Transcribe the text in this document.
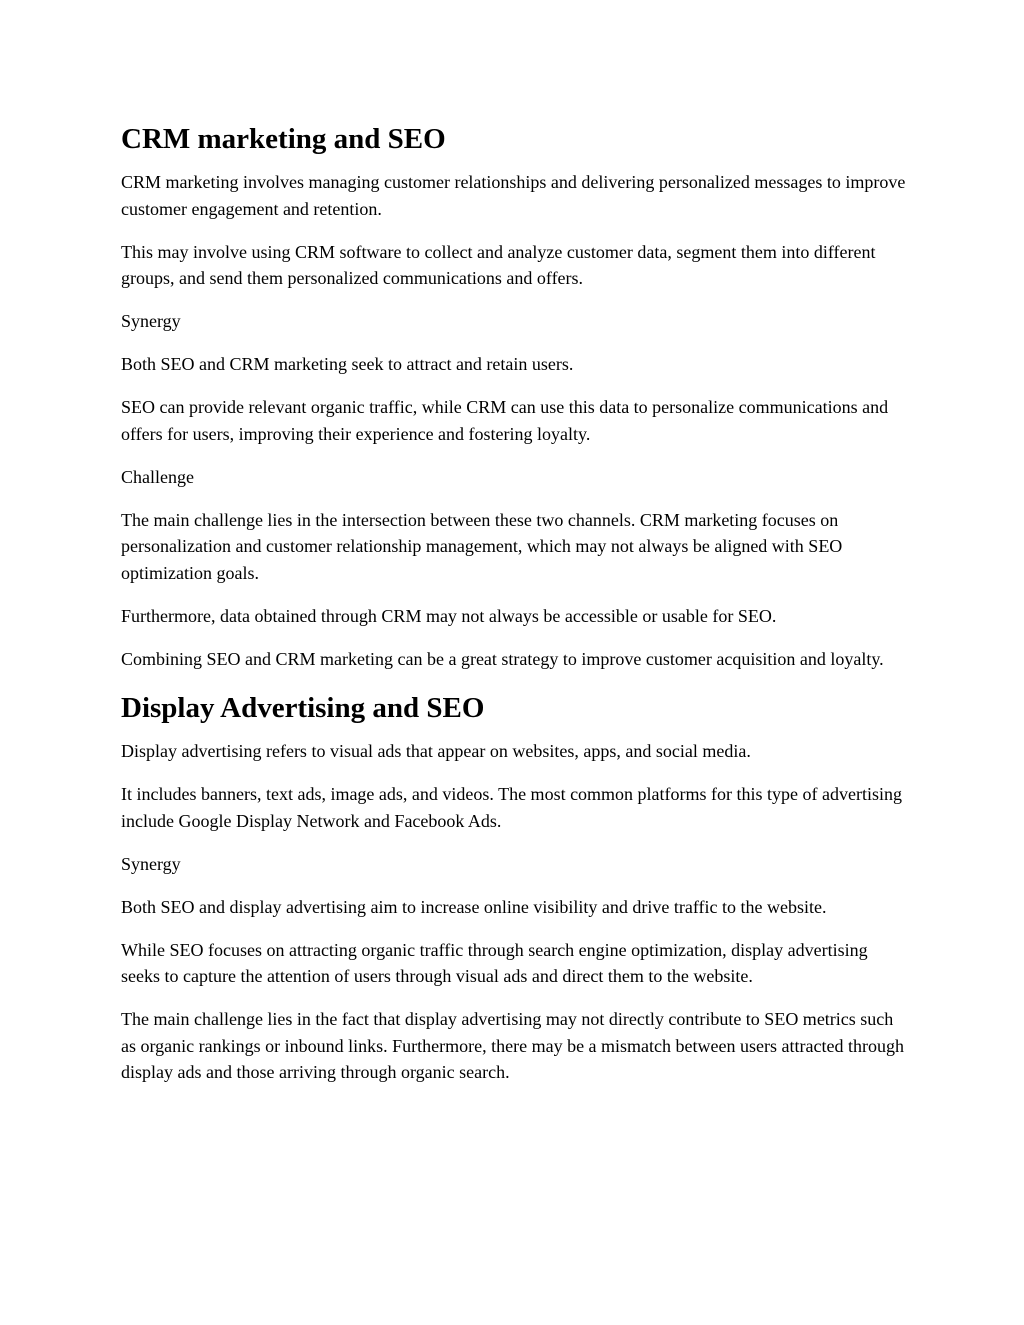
CRM marketing and SEO

CRM marketing involves managing customer relationships and delivering personalized messages to improve customer engagement and retention.

This may involve using CRM software to collect and analyze customer data, segment them into different groups, and send them personalized communications and offers.

Synergy

Both SEO and CRM marketing seek to attract and retain users.

SEO can provide relevant organic traffic, while CRM can use this data to personalize communications and offers for users, improving their experience and fostering loyalty.

Challenge

The main challenge lies in the intersection between these two channels. CRM marketing focuses on personalization and customer relationship management, which may not always be aligned with SEO optimization goals.

Furthermore, data obtained through CRM may not always be accessible or usable for SEO.

Combining SEO and CRM marketing can be a great strategy to improve customer acquisition and loyalty.

Display Advertising and SEO

Display advertising refers to visual ads that appear on websites, apps, and social media.

It includes banners, text ads, image ads, and videos. The most common platforms for this type of advertising include Google Display Network and Facebook Ads.

Synergy

Both SEO and display advertising aim to increase online visibility and drive traffic to the website.

While SEO focuses on attracting organic traffic through search engine optimization, display advertising seeks to capture the attention of users through visual ads and direct them to the website.

The main challenge lies in the fact that display advertising may not directly contribute to SEO metrics such as organic rankings or inbound links. Furthermore, there may be a mismatch between users attracted through display ads and those arriving through organic search.
